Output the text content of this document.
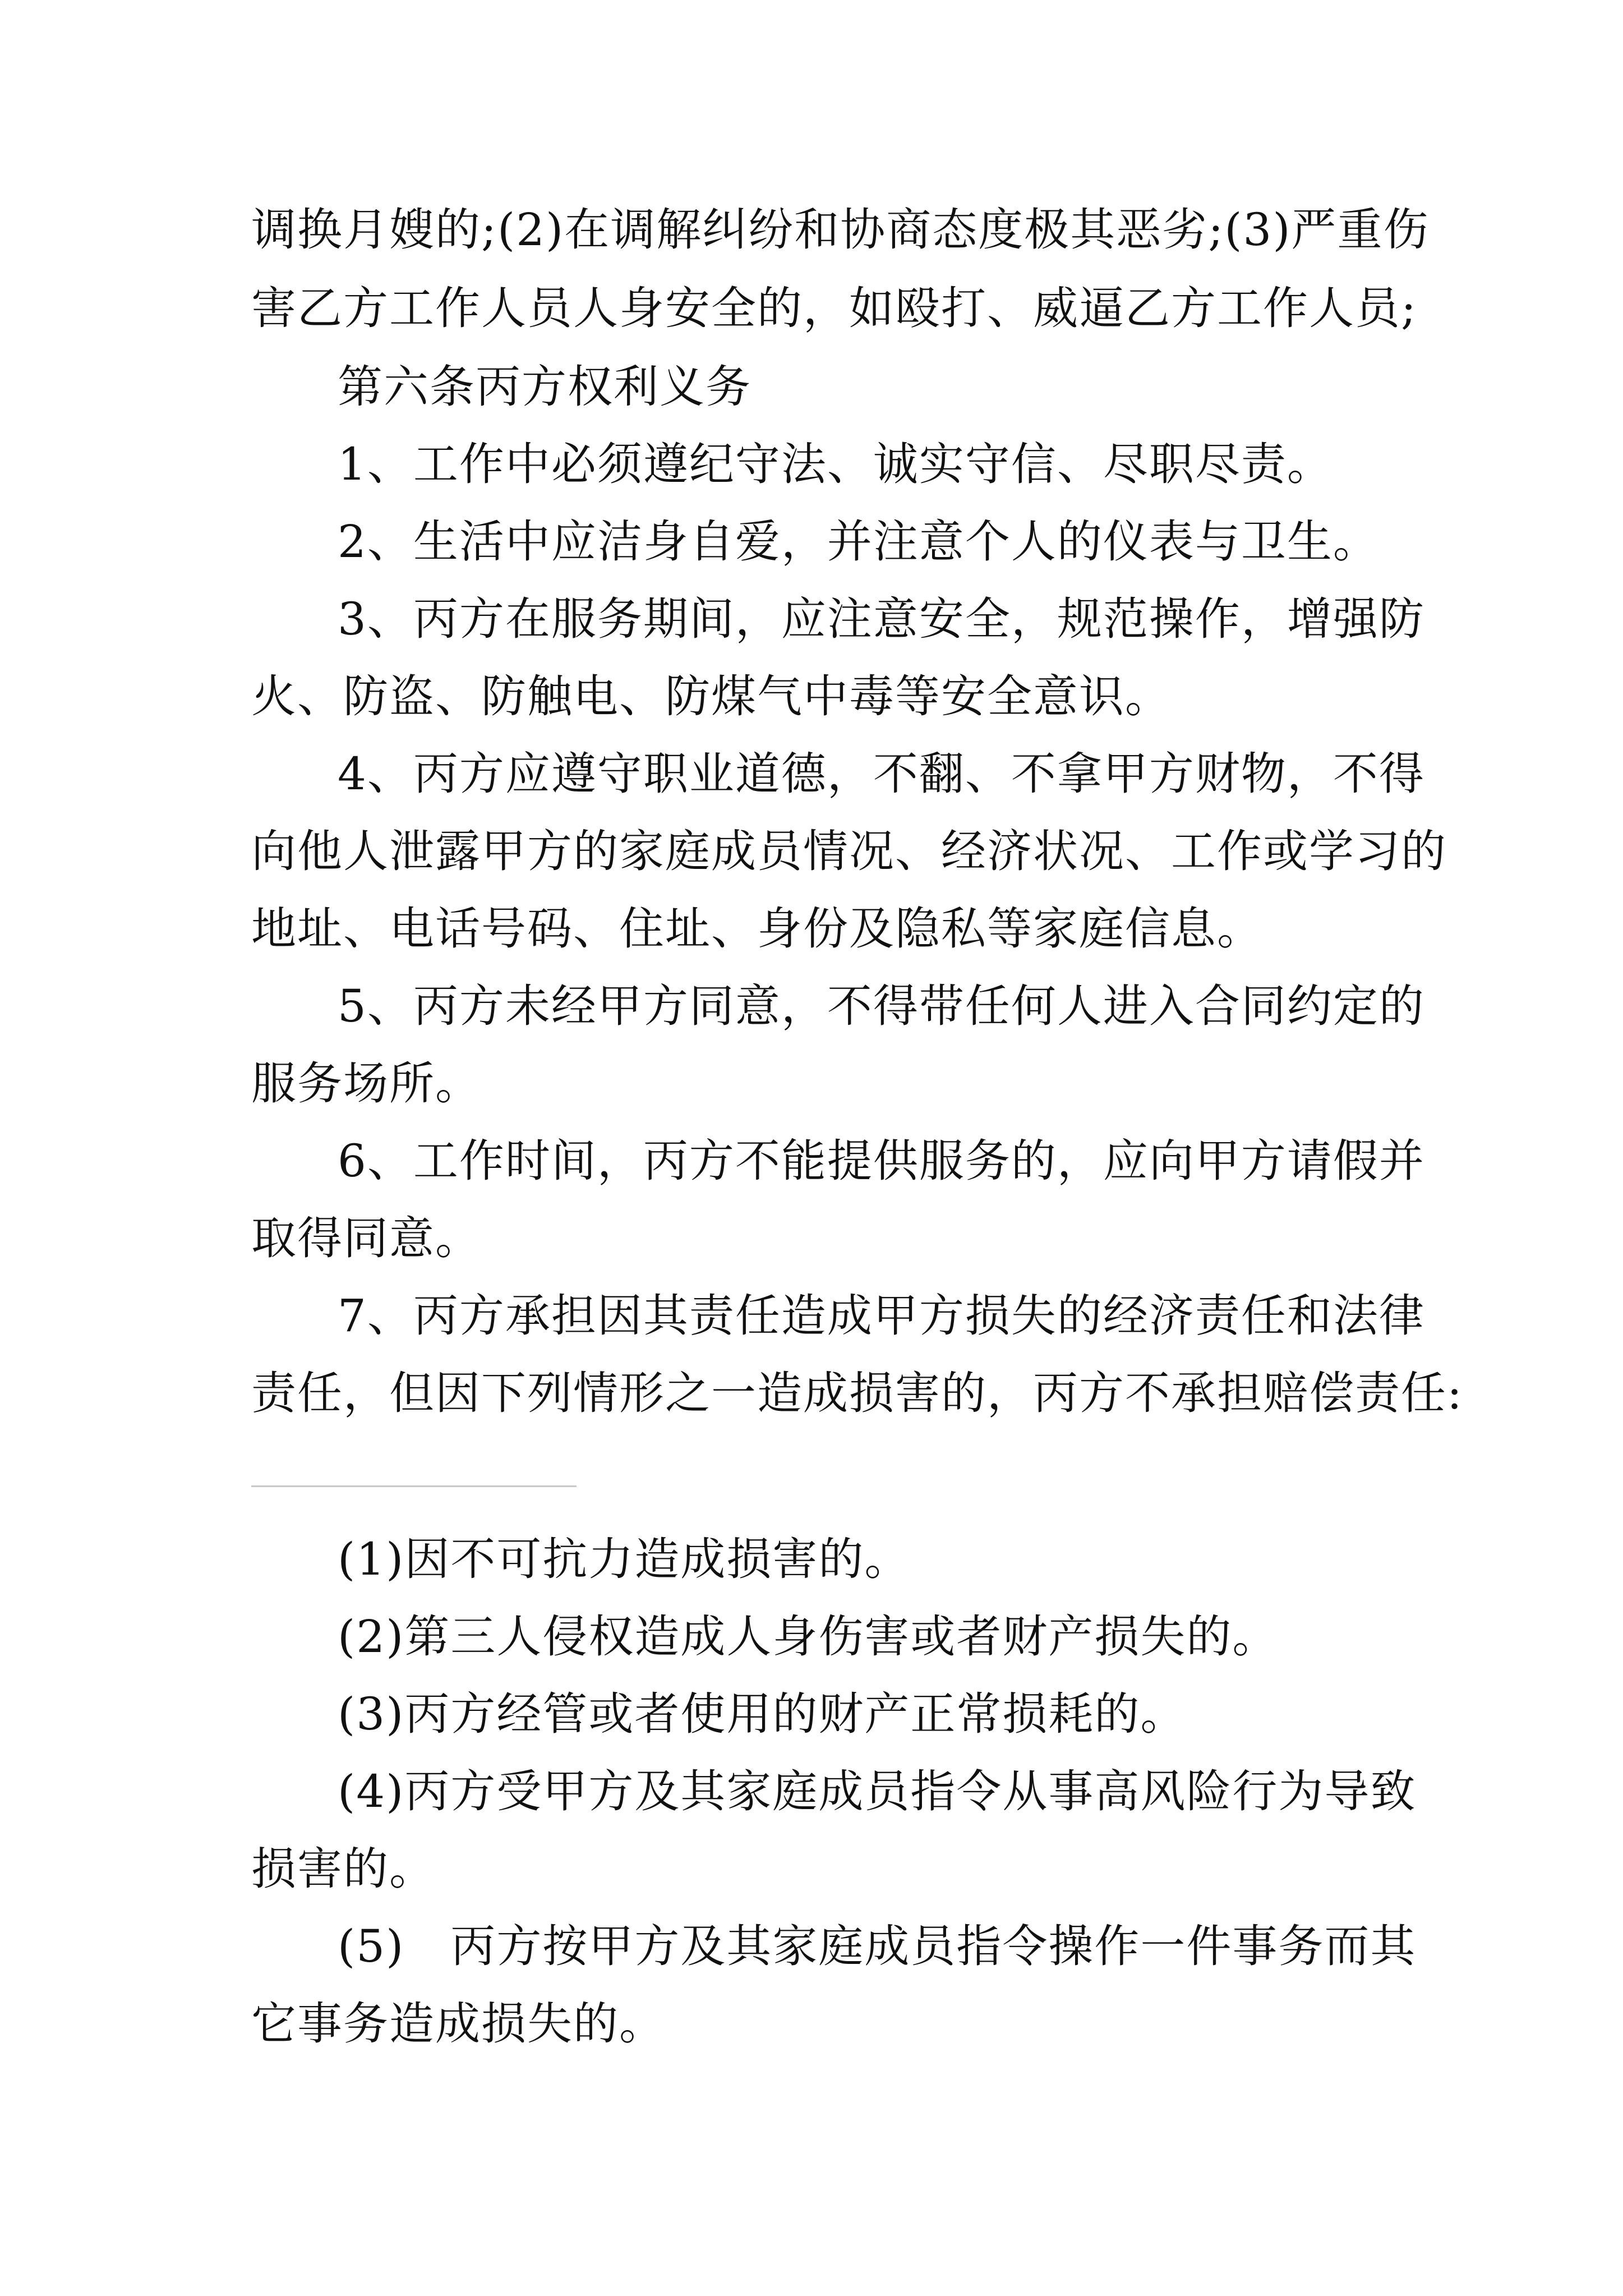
调换月嫂的;(2)在调解纠纷和协商态度极其恶劣;(3)严重伤
害乙方工作人员人身安全的，如殴打、威逼乙方工作人员;
第六条丙方权利义务
1、工作中必须遵纪守法、诚实守信、尽职尽责。
2、生活中应洁身自爱，并注意个人的仪表与卫生。
3、丙方在服务期间，应注意安全，规范操作，增强防
火、防盗、防触电、防煤气中毒等安全意识。
4、丙方应遵守职业道德，不翻、不拿甲方财物，不得
向他人泄露甲方的家庭成员情况、经济状况、工作或学习的
地址、电话号码、住址、身份及隐私等家庭信息。
5、丙方未经甲方同意，不得带任何人进入合同约定的
服务场所。
6、工作时间，丙方不能提供服务的，应向甲方请假并
取得同意。
7、丙方承担因其责任造成甲方损失的经济责任和法律
责任，但因下列情形之一造成损害的，丙方不承担赔偿责任:
(1)因不可抗力造成损害的。
(2)第三人侵权造成人身伤害或者财产损失的。
(3)丙方经管或者使用的财产正常损耗的。
(4)丙方受甲方及其家庭成员指令从事高风险行为导致
损害的。
(5)　丙方按甲方及其家庭成员指令操作一件事务而其
它事务造成损失的。
